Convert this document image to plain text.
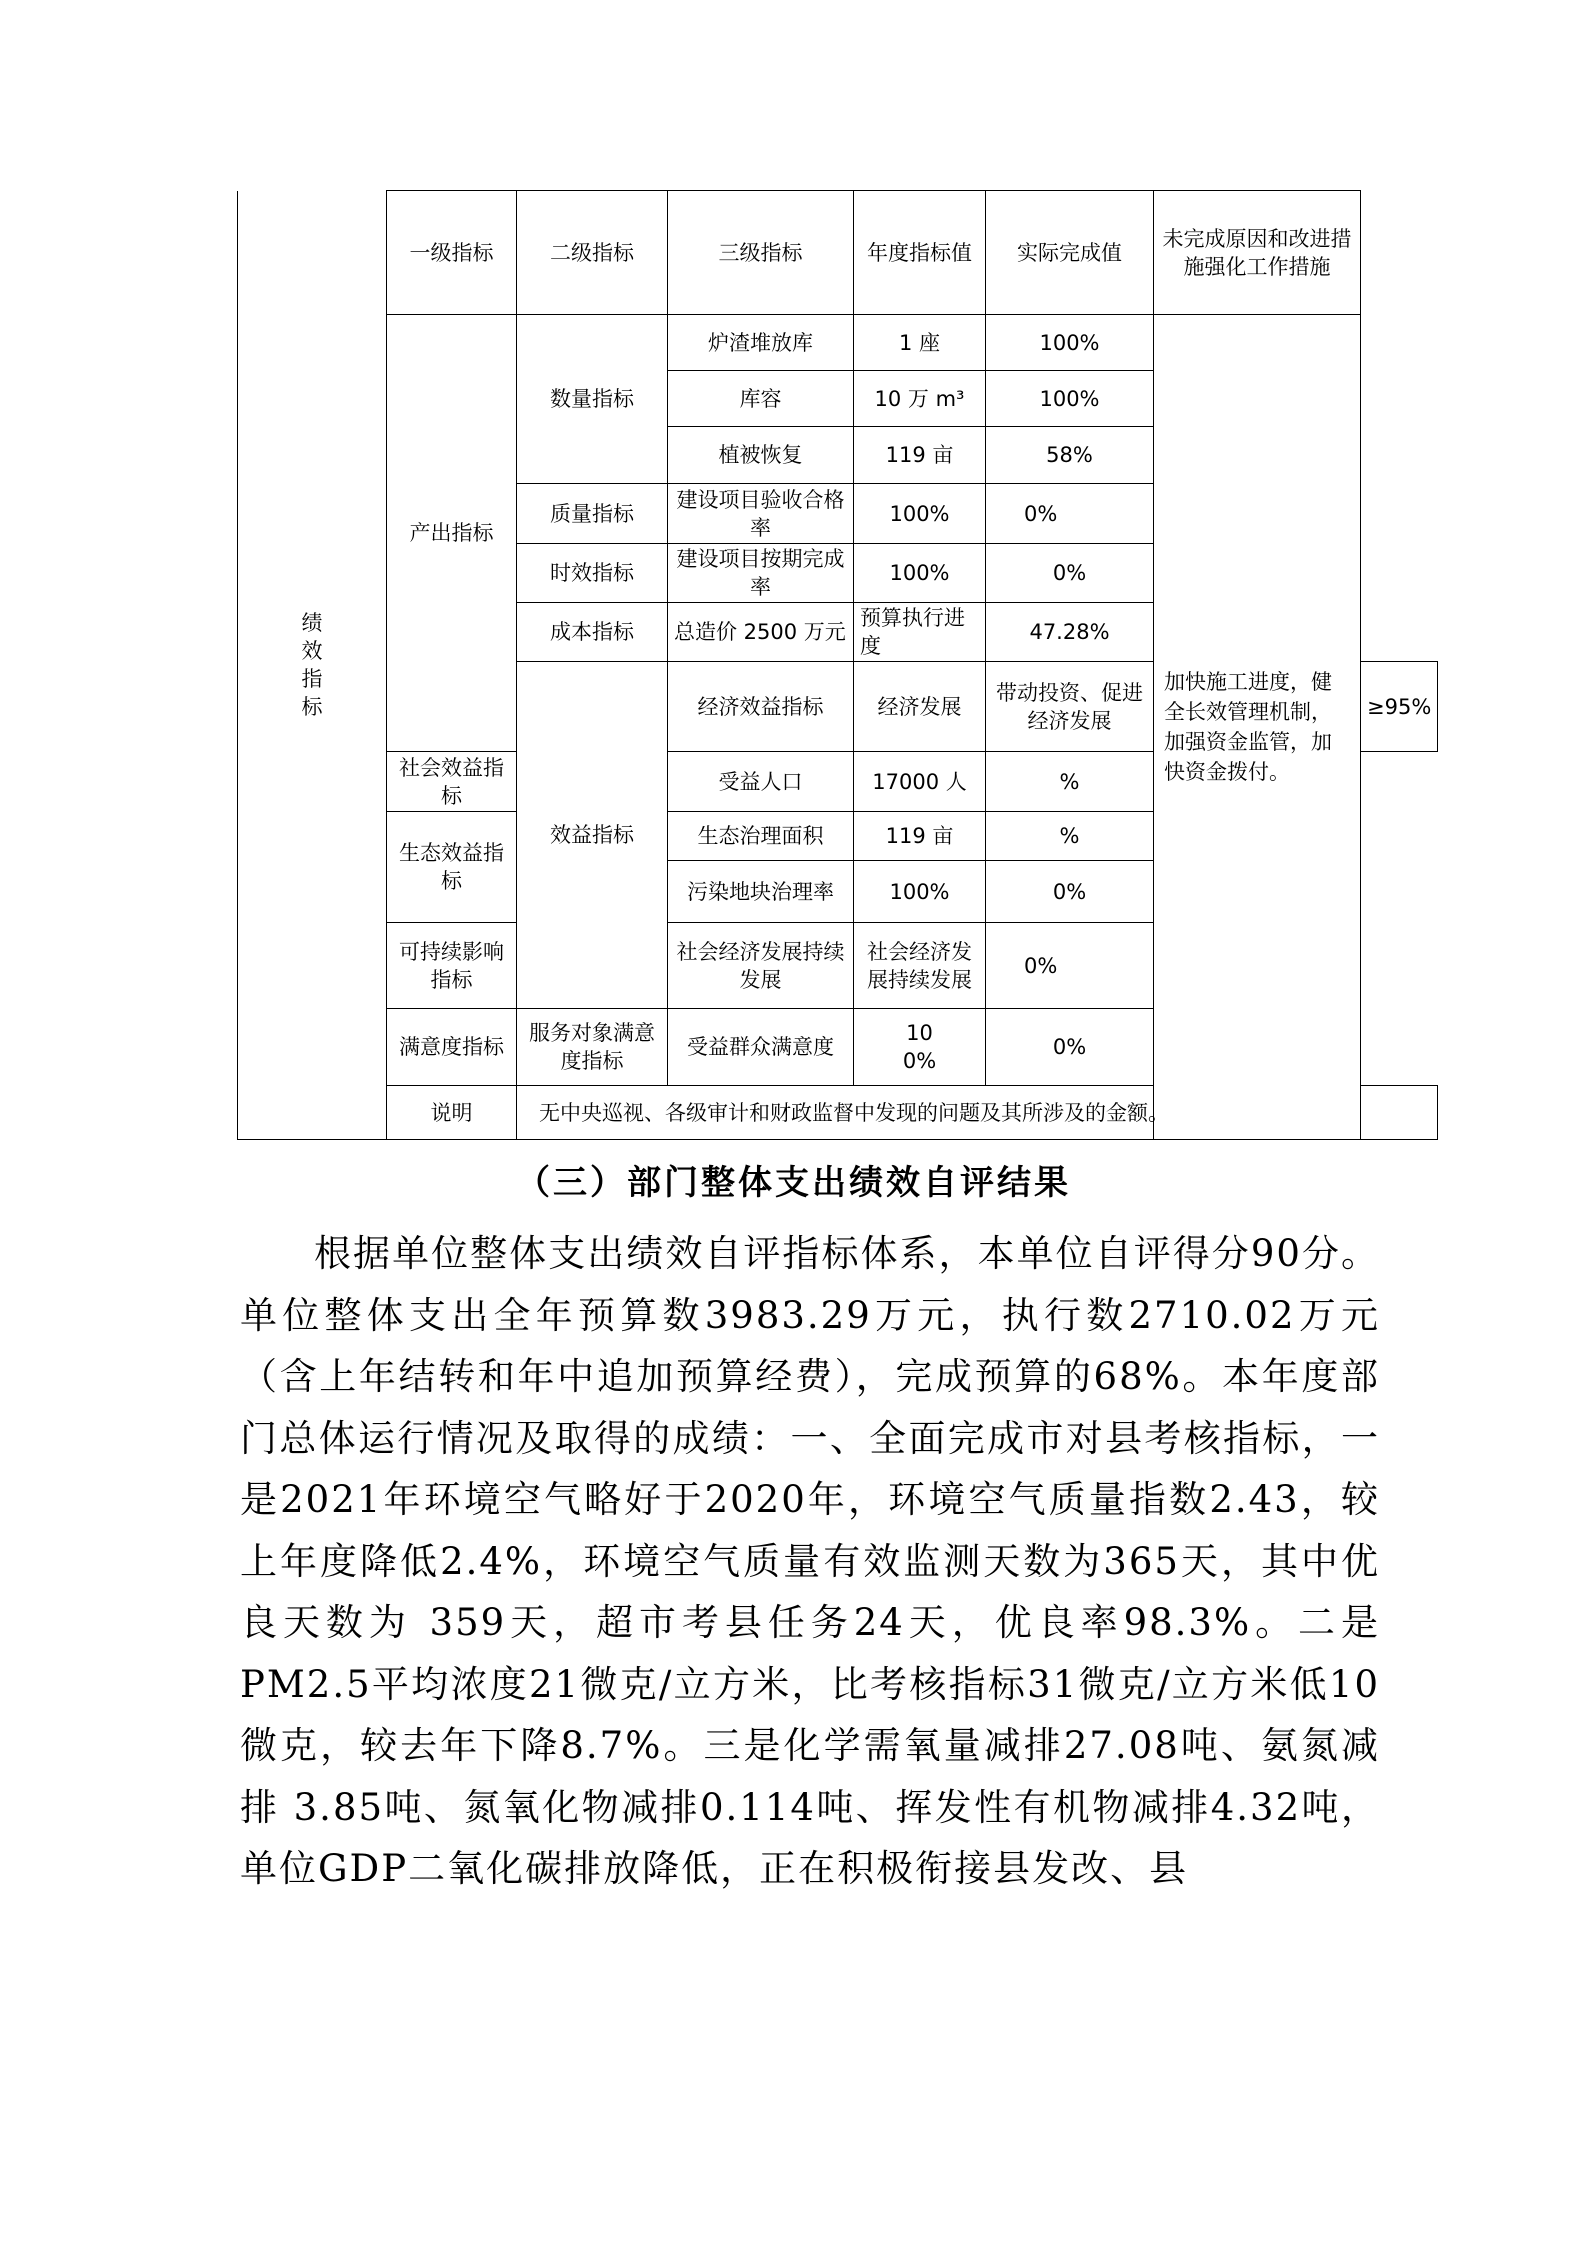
绩
效
指
标	一级指标	二级指标	三级指标	年度指标值	实际完成值	未完成原因和改进措施强化工作措施	
	产出指标	数量指标	炉渣堆放库	1 座	100%	加快施工进度，健全长效管理机制，加强资金监管，加快资金拨付。	
			库容	10 万 m³	100%		
			植被恢复	119 亩	58%		
		质量指标	建设项目验收合格率	100%	0%		
		时效指标	建设项目按期完成率	100%	0%		
		成本指标	总造价 2500 万元	预算执行进度	47.28%		
		效益指标	经济效益指标	经济发展	带动投资、促进经济发展		≥95%
	社会效益指标		受益人口	17000 人	%		
	生态效益指标		生态治理面积	119 亩	%		
			污染地块治理率	100%	0%		
	可持续影响指标		社会经济发展持续发展	社会经济发展持续发展	0%		
	满意度指标	服务对象满意度指标	受益群众满意度	100%	0%		
	说明	无中央巡视、各级审计和财政监督中发现的问题及其所涉及的金额。					
（三）部门整体支出绩效自评结果

根据单位整体支出绩效自评指标体系，本单位自评得分90分。单位整体支出全年预算数3983.29万元，执行数2710.02万元（含上年结转和年中追加预算经费），完成预算的68%。本年度部门总体运行情况及取得的成绩：一、全面完成市对县考核指标，一是2021年环境空气略好于2020年，环境空气质量指数2.43，较上年度降低2.4%，环境空气质量有效监测天数为365天，其中优良天数为 359天，超市考县任务24天，优良率98.3%。二是PM2.5平均浓度21微克/立方米，比考核指标31微克/立方米低10微克，较去年下降8.7%。三是化学需氧量减排27.08吨、氨氮减排 3.85吨、氮氧化物减排0.114吨、挥发性有机物减排4.32吨，单位GDP二氧化碳排放降低，正在积极衔接县发改、县
